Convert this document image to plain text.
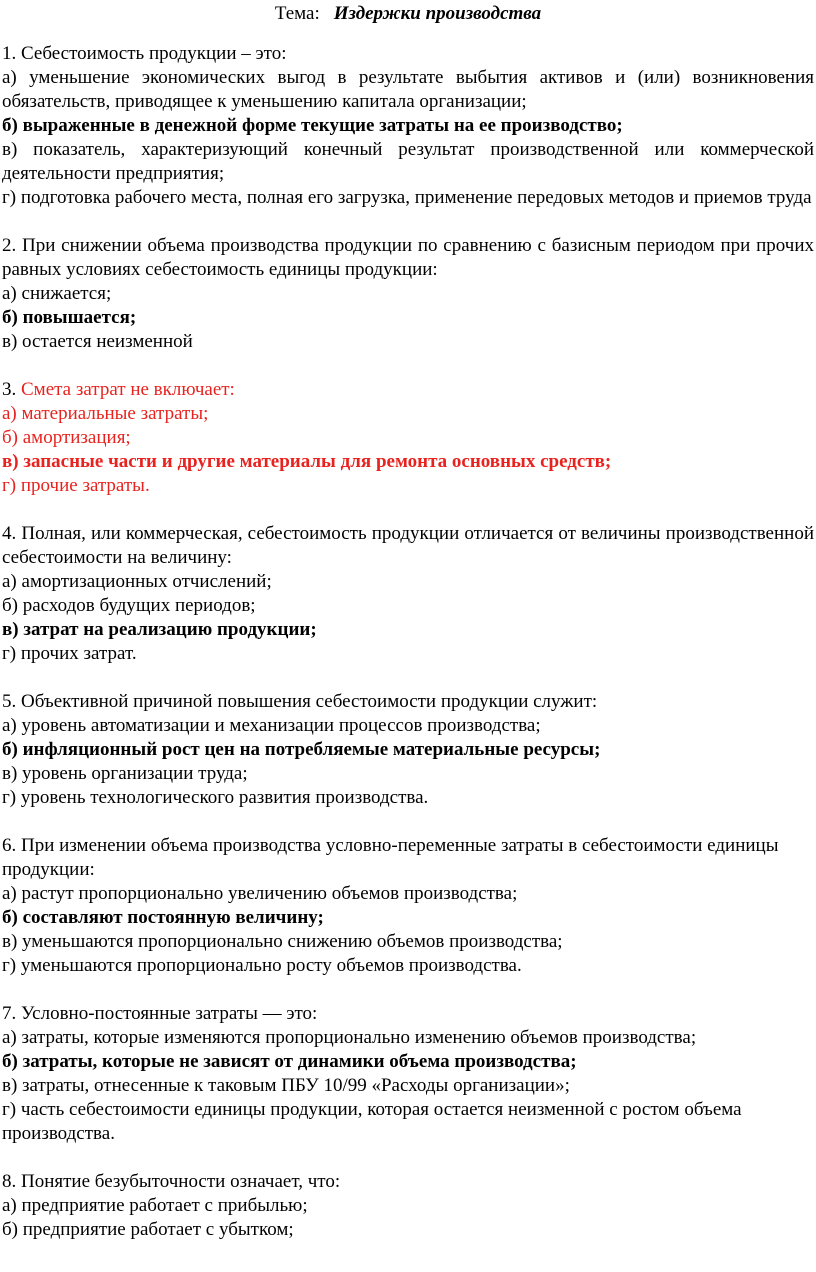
Тема: Издержки производства

1. Себестоимость продукции – это:

а) уменьшение экономических выгод в результате выбытия активов и (или) возникновения обязательств, приводящее к уменьшению капитала организации;

б) выраженные в денежной форме текущие затраты на ее производство;

в) показатель, характеризующий конечный результат производственной или коммерческой деятельности предприятия;

г) подготовка рабочего места, полная его загрузка, применение передовых методов и приемов труда

2. При снижении объема производства продукции по сравнению с базисным периодом при прочих равных условиях себестоимость единицы продукции:

а) снижается;

б) повышается;

в) остается неизменной

3. Смета затрат не включает:

а) материальные затраты;

б) амортизация;

в) запасные части и другие материалы для ремонта основных средств;

г) прочие затраты.

4. Полная, или коммерческая, себестоимость продукции отличается от величины производственной себестоимости на величину:

а) амортизационных отчислений;

б) расходов будущих периодов;

в) затрат на реализацию продукции;

г) прочих затрат.

5. Объективной причиной повышения себестоимости продукции служит:

а) уровень автоматизации и механизации процессов производства;

б) инфляционный рост цен на потребляемые материальные ресурсы;

в) уровень организации труда;

г) уровень технологического развития производства.

6. При изменении объема производства условно-переменные затраты в себестоимости единицы продукции:

а) растут пропорционально увеличению объемов производства;

б) составляют постоянную величину;

в) уменьшаются пропорционально снижению объемов производства;

г) уменьшаются пропорционально росту объемов производства.

7. Условно-постоянные затраты — это:

а) затраты, которые изменяются пропорционально изменению объемов производства;

б) затраты, которые не зависят от динамики объема производства;

в) затраты, отнесенные к таковым ПБУ 10/99 «Расходы организации»;

г) часть себестоимости единицы продукции, которая остается неизменной с ростом объема производства.

8. Понятие безубыточности означает, что:

а) предприятие работает с прибылью;

б) предприятие работает с убытком;
